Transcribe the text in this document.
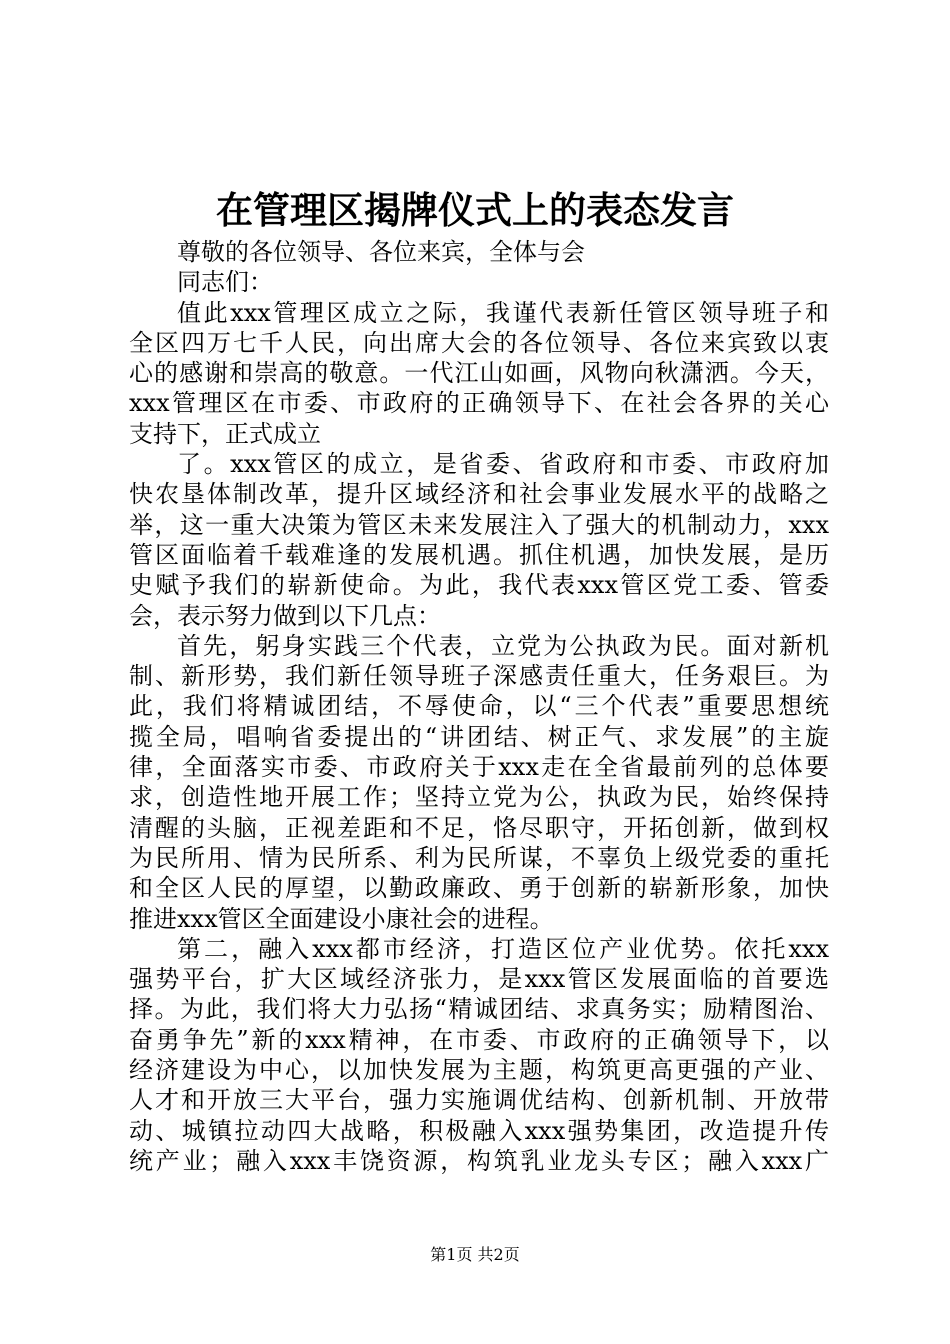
在管理区揭牌仪式上的表态发言
尊敬的各位领导、各位来宾，全体与会
同志们：
值此xxx管理区成立之际，我谨代表新任管区领导班子和
全区四万七千人民，向出席大会的各位领导、各位来宾致以衷
心的感谢和崇高的敬意。一代江山如画，风物向秋潇洒。今天，
xxx管理区在市委、市政府的正确领导下、在社会各界的关心
支持下，正式成立
了。xxx管区的成立，是省委、省政府和市委、市政府加
快农垦体制改革，提升区域经济和社会事业发展水平的战略之
举，这一重大决策为管区未来发展注入了强大的机制动力，xxx
管区面临着千载难逢的发展机遇。抓住机遇，加快发展，是历
史赋予我们的崭新使命。为此，我代表xxx管区党工委、管委
会，表示努力做到以下几点：
首先，躬身实践三个代表，立党为公执政为民。面对新机
制、新形势，我们新任领导班子深感责任重大，任务艰巨。为
此，我们将精诚团结，不辱使命，以“三个代表”重要思想统
揽全局，唱响省委提出的“讲团结、树正气、求发展”的主旋
律，全面落实市委、市政府关于xxx走在全省最前列的总体要
求，创造性地开展工作；坚持立党为公，执政为民，始终保持
清醒的头脑，正视差距和不足，恪尽职守，开拓创新，做到权
为民所用、情为民所系、利为民所谋，不辜负上级党委的重托
和全区人民的厚望，以勤政廉政、勇于创新的崭新形象，加快
推进xxx管区全面建设小康社会的进程。
第二，融入xxx都市经济，打造区位产业优势。依托xxx
强势平台，扩大区域经济张力，是xxx管区发展面临的首要选
择。为此，我们将大力弘扬“精诚团结、求真务实；励精图治、
奋勇争先”新的xxx精神，在市委、市政府的正确领导下，以
经济建设为中心，以加快发展为主题，构筑更高更强的产业、
人才和开放三大平台，强力实施调优结构、创新机制、开放带
动、城镇拉动四大战略，积极融入xxx强势集团，改造提升传
统产业；融入xxx丰饶资源，构筑乳业龙头专区；融入xxx广
第1页 共2页
